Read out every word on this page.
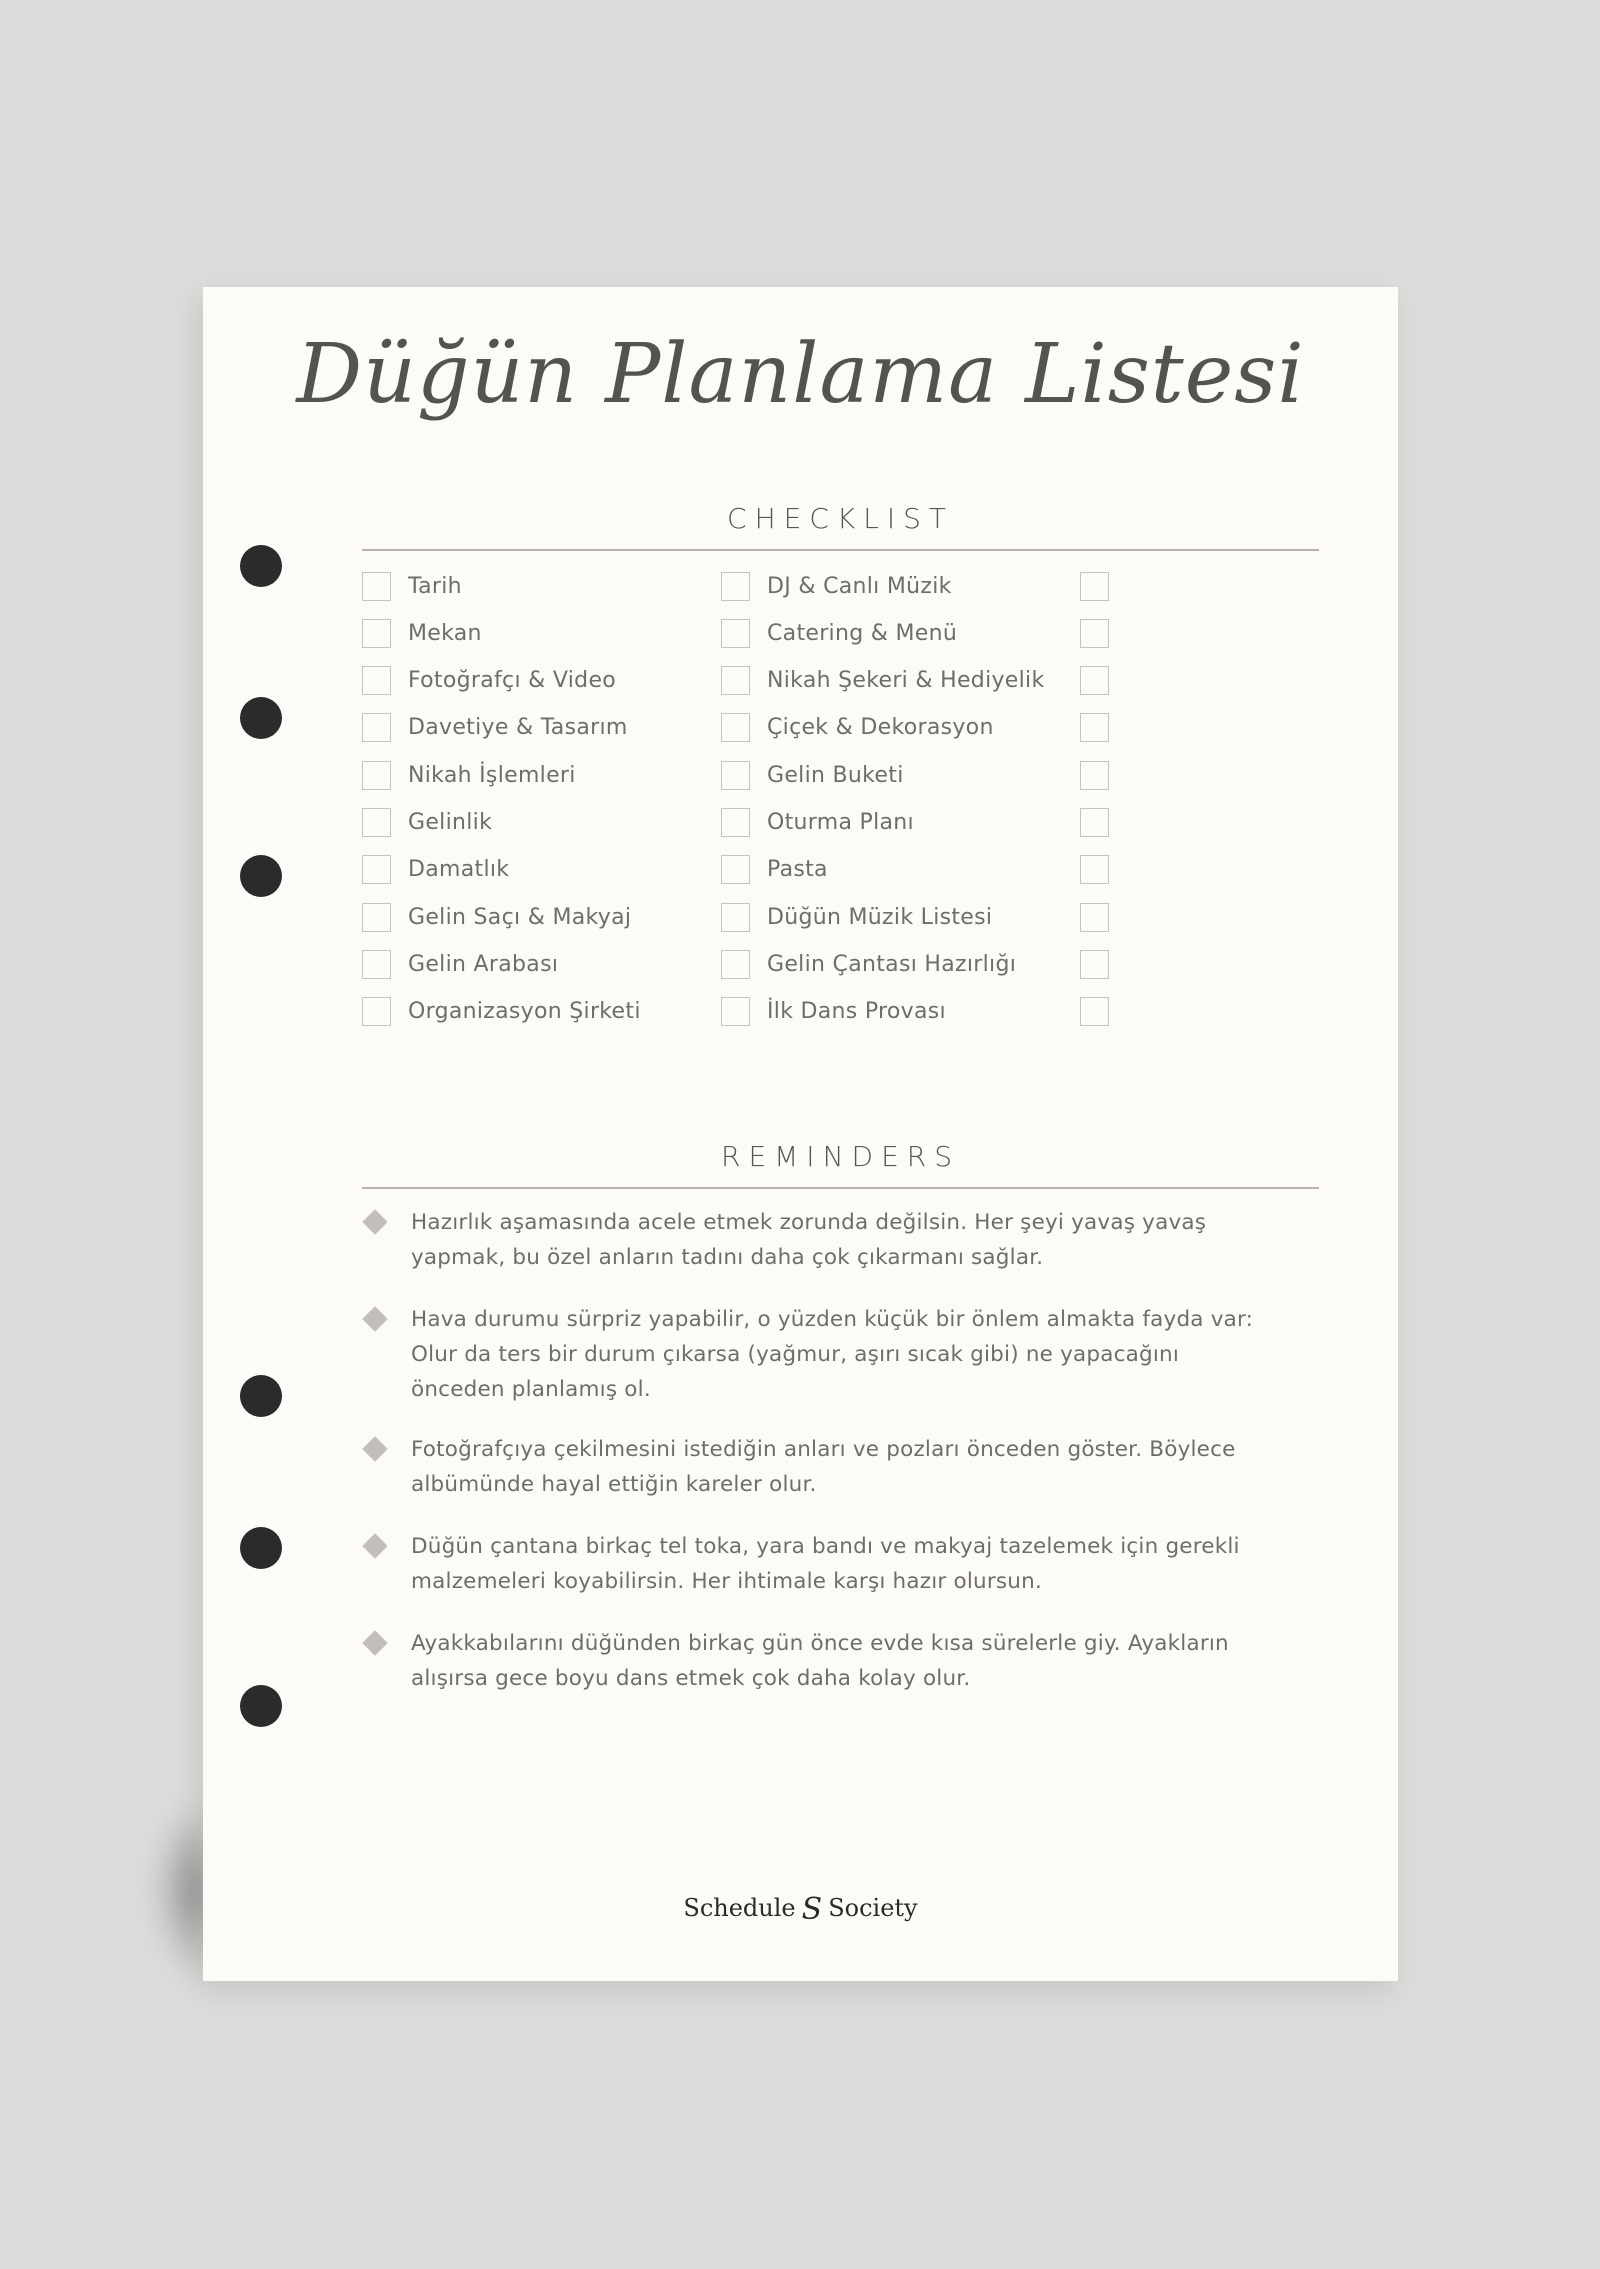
Düğün Planlama Listesi
CHECKLIST
Tarih
Mekan
Fotoğrafçı & Video
Davetiye & Tasarım
Nikah İşlemleri
Gelinlik
Damatlık
Gelin Saçı & Makyaj
Gelin Arabası
Organizasyon Şirketi
DJ & Canlı Müzik
Catering & Menü
Nikah Şekeri & Hediyelik
Çiçek & Dekorasyon
Gelin Buketi
Oturma Planı
Pasta
Düğün Müzik Listesi
Gelin Çantası Hazırlığı
İlk Dans Provası
REMINDERS
Hazırlık aşamasında acele etmek zorunda değilsin. Her şeyi yavaş yavaş yapmak, bu özel anların tadını daha çok çıkarmanı sağlar.
Hava durumu sürpriz yapabilir, o yüzden küçük bir önlem almakta fayda var: Olur da ters bir durum çıkarsa (yağmur, aşırı sıcak gibi) ne yapacağını önceden planlamış ol.
Fotoğrafçıya çekilmesini istediğin anları ve pozları önceden göster. Böylece albümünde hayal ettiğin kareler olur.
Düğün çantana birkaç tel toka, yara bandı ve makyaj tazelemek için gerekli malzemeleri koyabilirsin. Her ihtimale karşı hazır olursun.
Ayakkabılarını düğünden birkaç gün önce evde kısa sürelerle giy. Ayakların alışırsa gece boyu dans etmek çok daha kolay olur.
Schedule S Society
